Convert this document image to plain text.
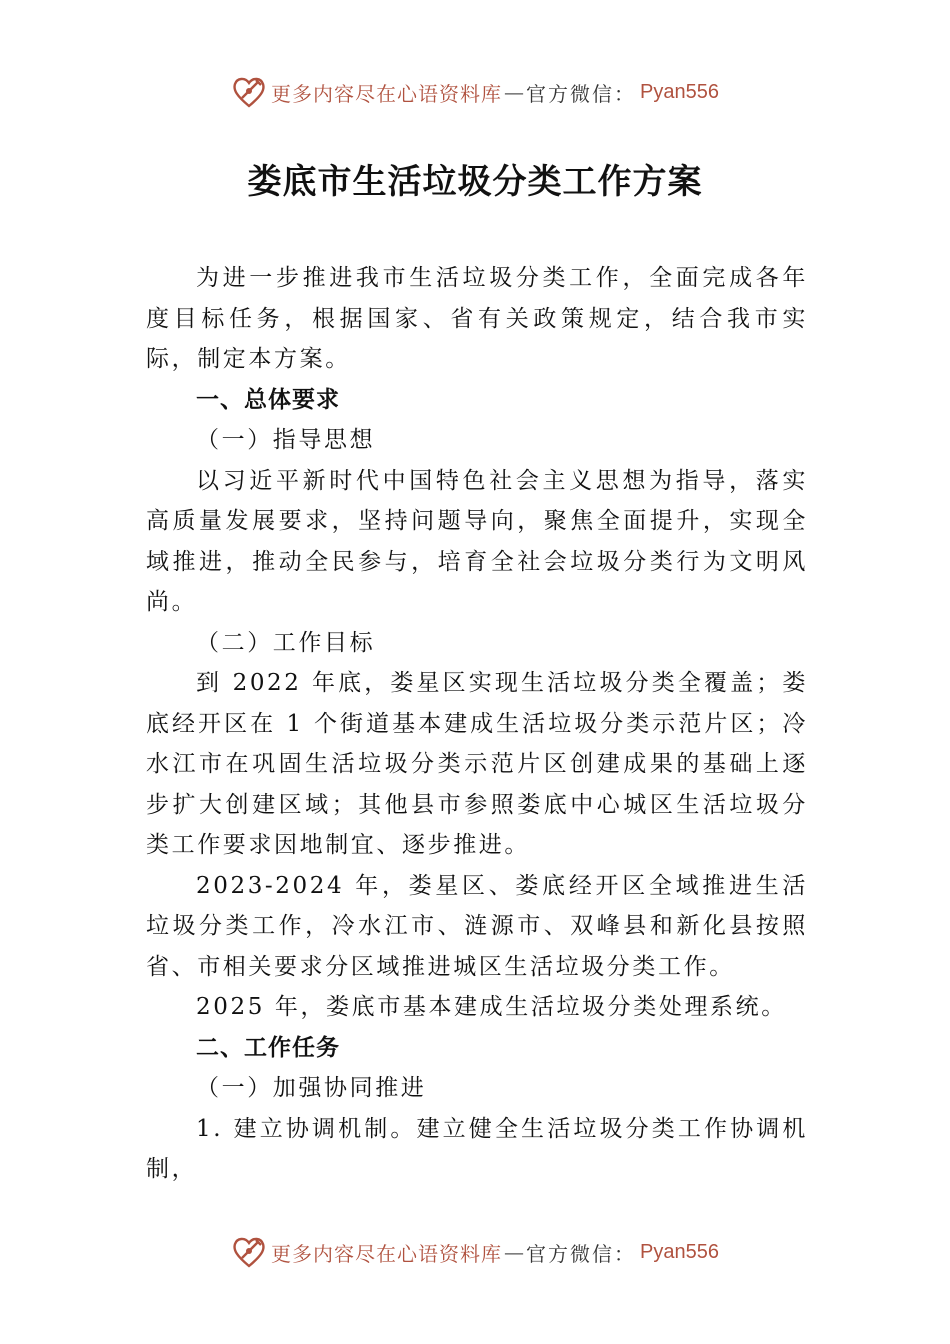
更多内容尽在心语资料库 — 官方微信： Pyan556
娄底市生活垃圾分类工作方案

为进一步推进我市生活垃圾分类工作，全面完成各年度目标任务，根据国家、省有关政策规定，结合我市实际，制定本方案。

一、总体要求

（一）指导思想

以习近平新时代中国特色社会主义思想为指导，落实高质量发展要求，坚持问题导向，聚焦全面提升，实现全域推进，推动全民参与，培育全社会垃圾分类行为文明风尚。

（二）工作目标

到 2022 年底，娄星区实现生活垃圾分类全覆盖；娄底经开区在 1 个街道基本建成生活垃圾分类示范片区；冷水江市在巩固生活垃圾分类示范片区创建成果的基础上逐步扩大创建区域；其他县市参照娄底中心城区生活垃圾分类工作要求因地制宜、逐步推进。

2023-2024 年，娄星区、娄底经开区全域推进生活垃圾分类工作，冷水江市、涟源市、双峰县和新化县按照省、市相关要求分区域推进城区生活垃圾分类工作。

2025 年，娄底市基本建成生活垃圾分类处理系统。

二、工作任务

（一）加强协同推进

1. 建立协调机制。建立健全生活垃圾分类工作协调机制，

更多内容尽在心语资料库 — 官方微信： Pyan556
